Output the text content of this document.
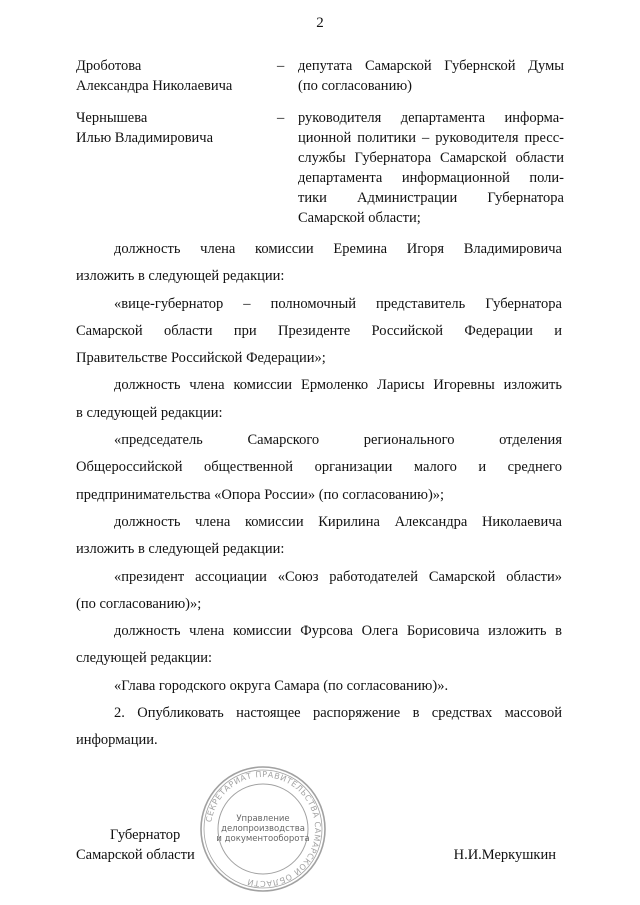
2
Дроботова
Александра Николаевича
– депутата Самарской Губернской Думы
(по согласованию)
Чернышева
Илью Владимировича
– руководителя департамента информа-
ционной политики – руководителя пресс-
службы Губернатора Самарской области
департамента информационной поли-
тики Администрации Губернатора
Самарской области;
должность члена комиссии Еремина Игоря Владимировича
изложить в следующей редакции:
«вице-губернатор – полномочный представитель Губернатора
Самарской области при Президенте Российской Федерации и
Правительстве Российской Федерации»;
должность члена комиссии Ермоленко Ларисы Игоревны изложить
в следующей редакции:
«председатель Самарского регионального отделения
Общероссийской общественной организации малого и среднего
предпринимательства «Опора России» (по согласованию)»;
должность члена комиссии Кирилина Александра Николаевича
изложить в следующей редакции:
«президент ассоциации «Союз работодателей Самарской области»
(по согласованию)»;
должность члена комиссии Фурсова Олега Борисовича изложить в
следующей редакции:
«Глава городского округа Самара (по согласованию)».
2. Опубликовать настоящее распоряжение в средствах массовой
информации.
СЕКРЕТАРИАТ ПРАВИТЕЛЬСТВА САМАРСКОЙ ОБЛАСТИ
Управление
делопроизводства
и документооборота
Губернатор
Самарской области	Н.И.Меркушкин
